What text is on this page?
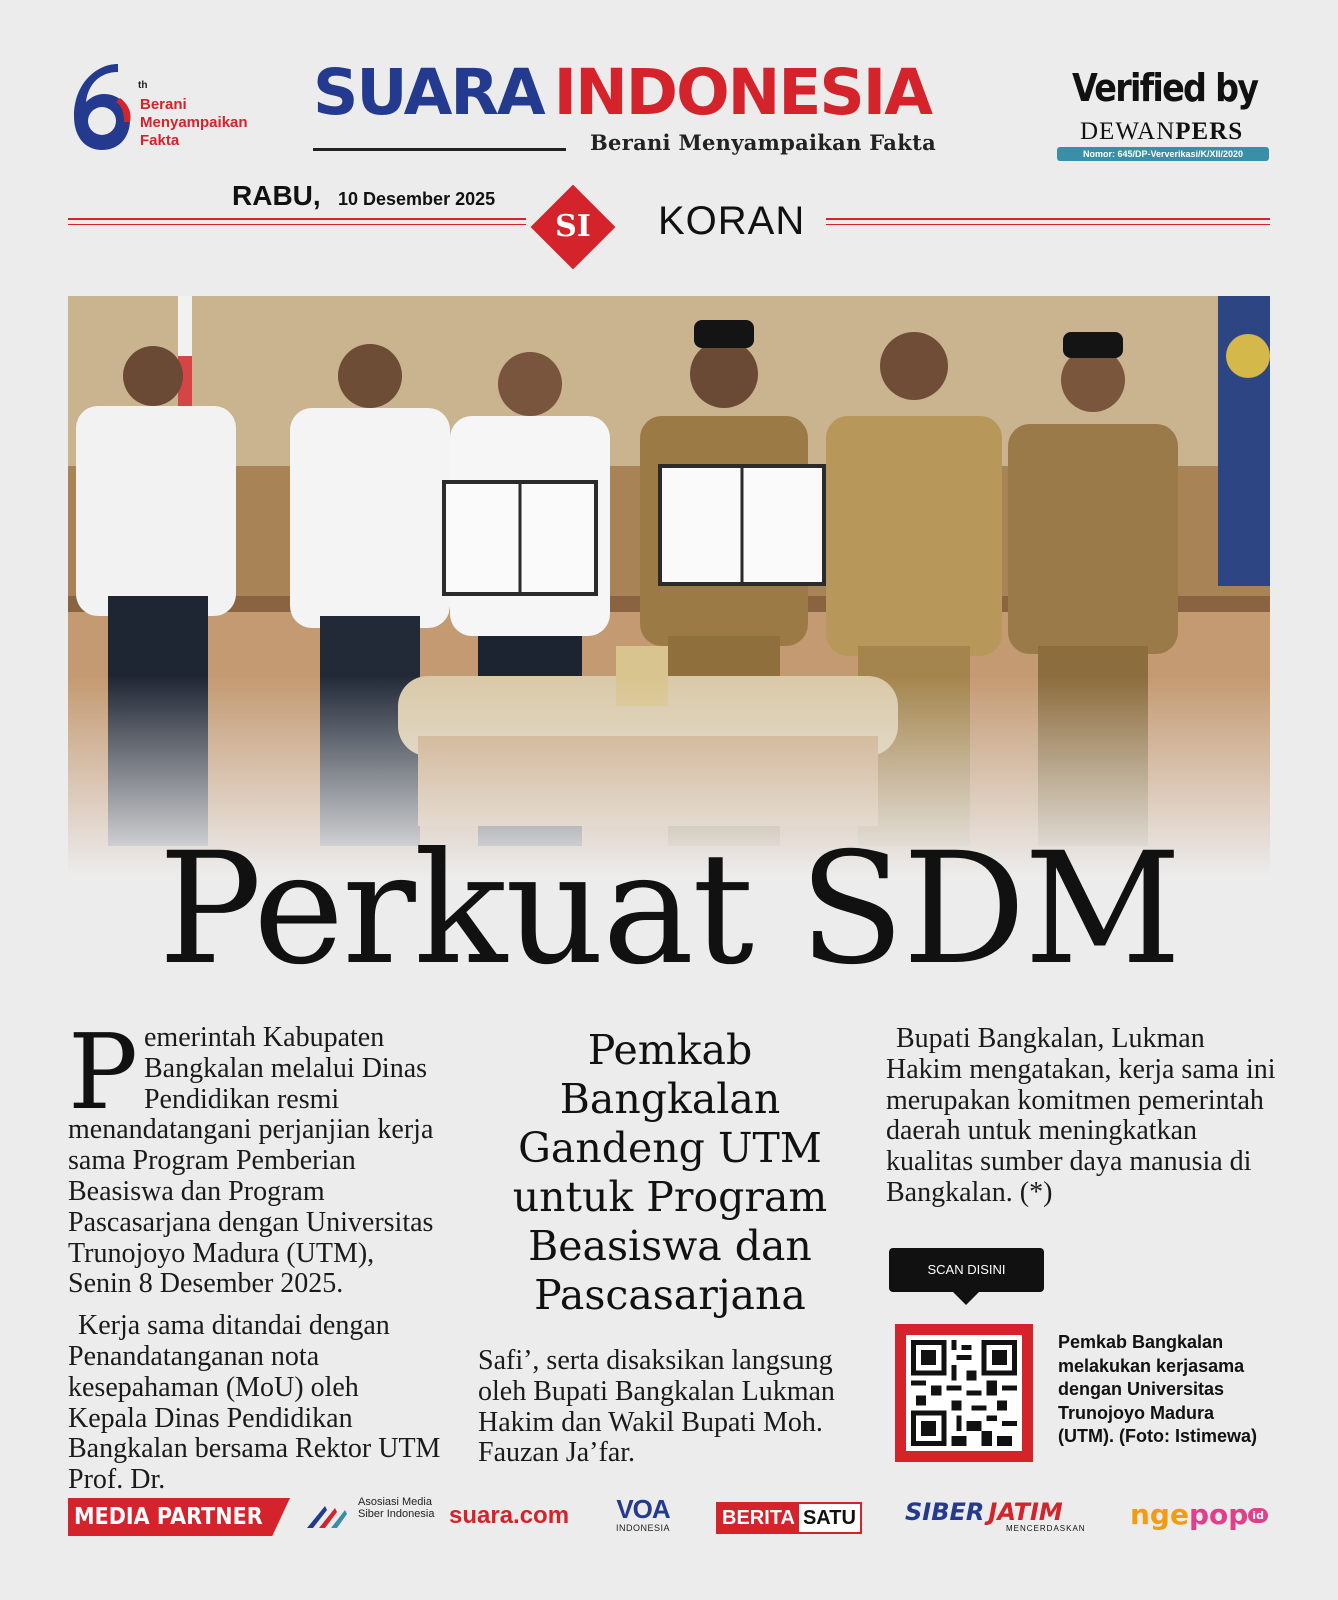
th
Berani Menyampaikan Fakta
SUARA INDONESIA
Berani Menyampaikan Fakta
Verified by
DEWANPERS
Nomor: 645/DP-Ververikasi/K/XII/2020
RABU, 10 Desember 2025
SI	KORAN
Perkuat SDM

Pemerintah Kabupaten Bangkalan melalui Dinas Pendidikan resmi menandatangani perjanjian kerja sama Program Pemberian Beasiswa dan Program Pascasarjana dengan Universitas Trunojoyo Madura (UTM), Senin 8 Desember 2025.

Kerja sama ditandai dengan Penandatanganan nota kesepahaman (MoU) oleh Kepala Dinas Pendidikan Bangkalan bersama Rektor UTM Prof. Dr.

Pemkab Bangkalan Gandeng UTM untuk Program Beasiswa dan Pascasarjana
Safi’, serta disaksikan langsung oleh Bupati Bangkalan Lukman Hakim dan Wakil Bupati Moh. Fauzan Ja’far.
Bupati Bangkalan, Lukman Hakim mengatakan, kerja sama ini merupakan komitmen pemerintah daerah untuk meningkatkan kualitas sumber daya manusia di Bangkalan. (*)
SCAN DISINI
Pemkab Bangkalan melakukan kerjasama dengan Universitas Trunojoyo Madura (UTM). (Foto: Istimewa)
MEDIA PARTNER
Asosiasi Media Siber Indonesia suara.com VOA
INDONESIA	BERITA SATU SIBER JATIM
MENCERDASKAN ngepop id
